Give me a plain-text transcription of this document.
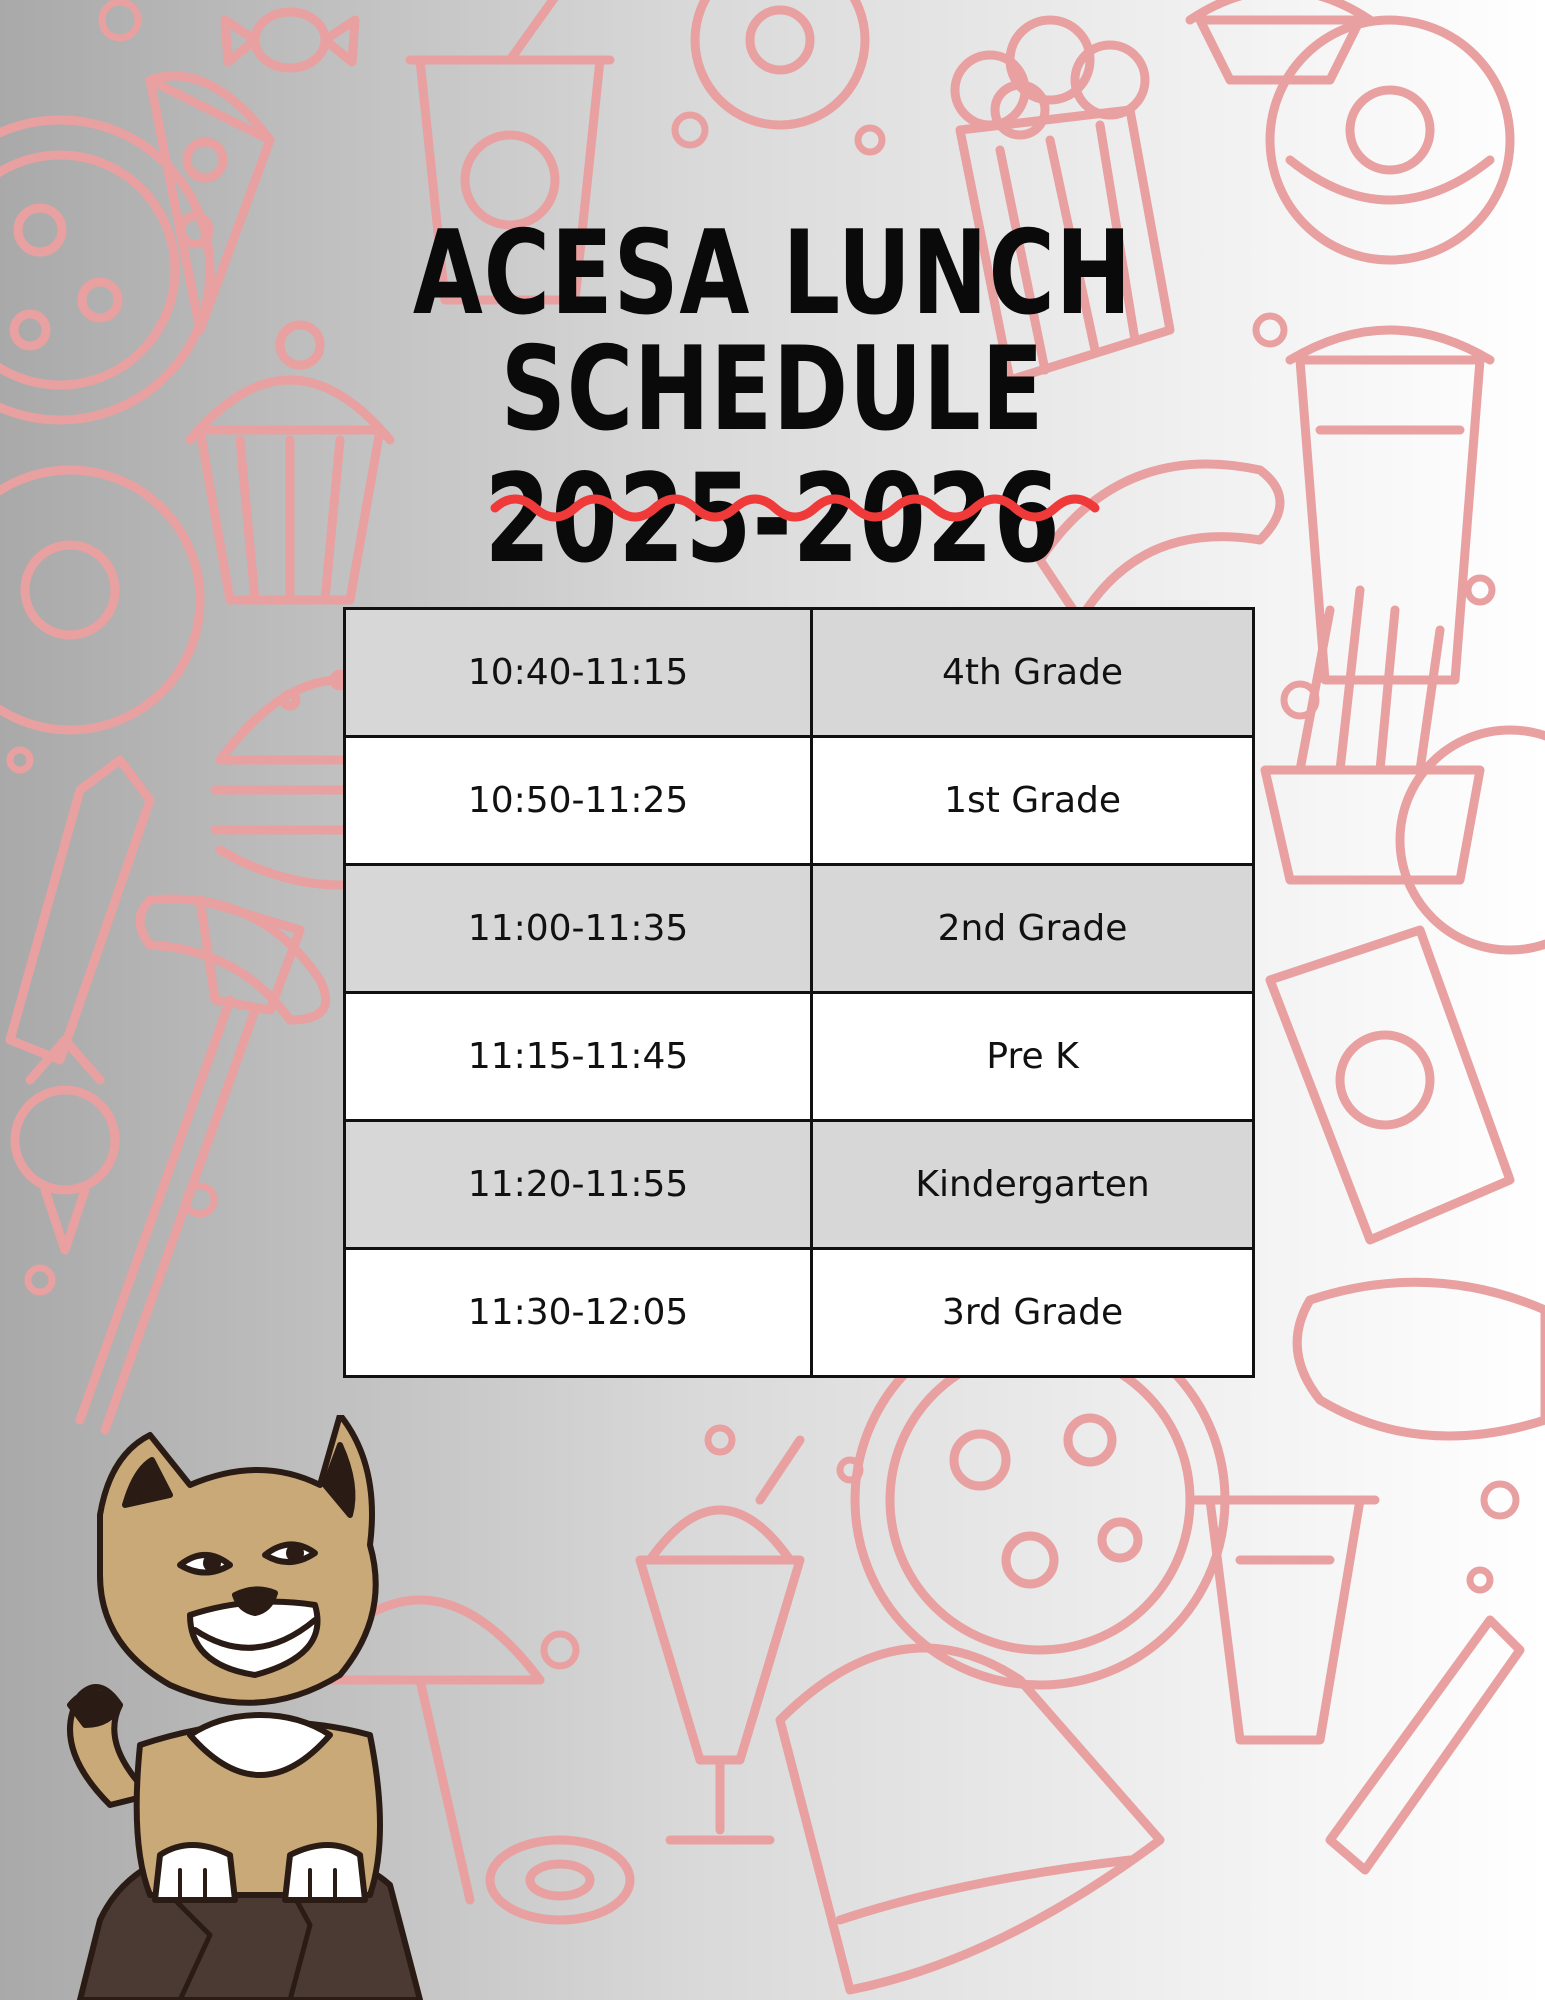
ACESA LUNCH SCHEDULE
2025-2026
10:40-11:15	4th Grade
10:50-11:25	1st Grade
11:00-11:35	2nd Grade
11:15-11:45	Pre K
11:20-11:55	Kindergarten
11:30-12:05	3rd Grade
